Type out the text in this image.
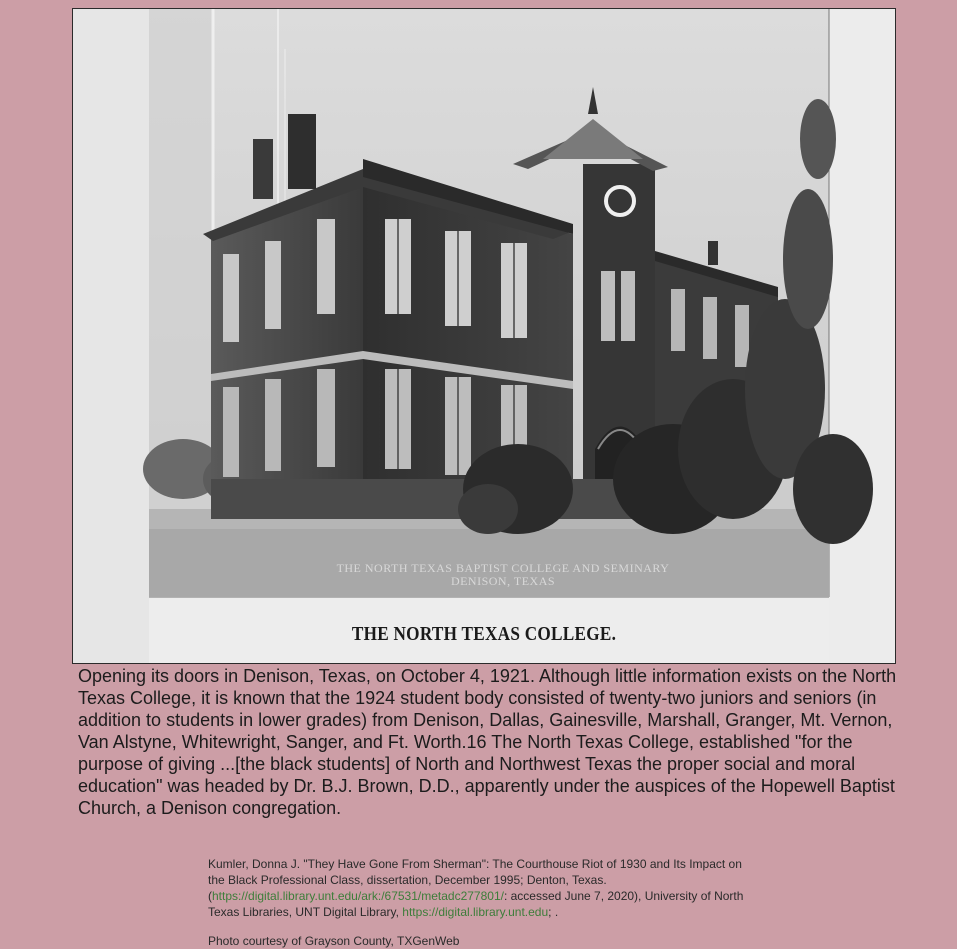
THE NORTH TEXAS BAPTIST COLLEGE AND SEMINARY
DENISON, TEXAS
THE NORTH TEXAS COLLEGE.

Opening its doors in Denison, Texas, on October 4, 1921. Although little information exists on the North Texas College, it is known that the 1924 student body consisted of twenty-two juniors and seniors (in addition to students in lower grades) from Denison, Dallas, Gainesville, Marshall, Granger, Mt. Vernon, Van Alstyne, Whitewright, Sanger, and Ft. Worth.16 The North Texas College, established "for the purpose of giving ...[the black students] of North and Northwest Texas the proper social and moral education" was headed by Dr. B.J. Brown, D.D., apparently under the auspices of the Hopewell Baptist Church, a Denison congregation.

Kumler, Donna J. "They Have Gone From Sherman": The Courthouse Riot of 1930 and Its Impact on the Black Professional Class, dissertation, December 1995; Denton, Texas. (https://digital.library.unt.edu/ark:/67531/metadc277801/: accessed June 7, 2020), University of North Texas Libraries, UNT Digital Library, https://digital.library.unt.edu; .

Photo courtesy of Grayson County, TXGenWeb
